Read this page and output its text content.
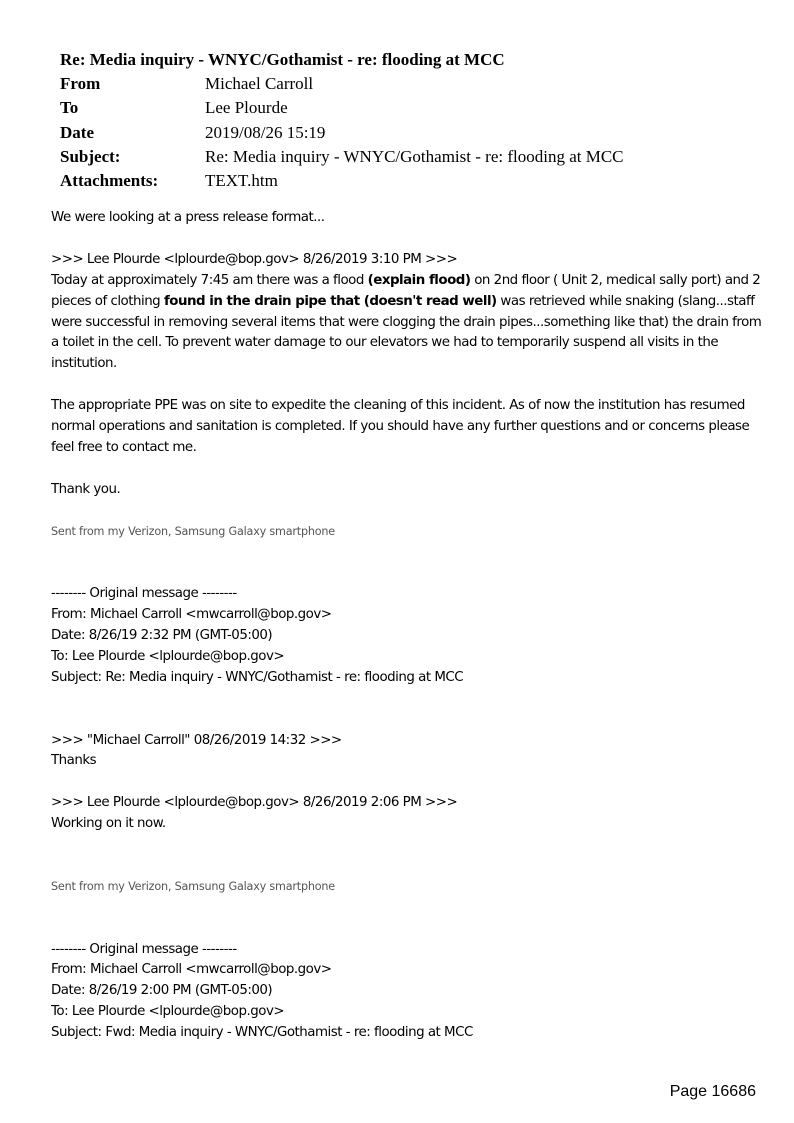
Re: Media inquiry - WNYC/Gothamist - re: flooding at MCC
From	Michael Carroll
To	Lee Plourde
Date	2019/08/26 15:19
Subject:	Re: Media inquiry - WNYC/Gothamist - re: flooding at MCC
Attachments:	TEXT.htm

We were looking at a press release format...

>>> Lee Plourde <lplourde@bop.gov> 8/26/2019 3:10 PM >>>

Today at approximately 7:45 am there was a flood (explain flood) on 2nd floor ( Unit 2, medical sally port) and 2 pieces of clothing found in the drain pipe that (doesn't read well) was retrieved while snaking (slang...staff were successful in removing several items that were clogging the drain pipes...something like that) the drain from a toilet in the cell. To prevent water damage to our elevators we had to temporarily suspend all visits in the institution.

The appropriate PPE was on site to expedite the cleaning of this incident. As of now the institution has resumed normal operations and sanitation is completed. If you should have any further questions and or concerns please feel free to contact me.

Thank you.

Sent from my Verizon, Samsung Galaxy smartphone

-------- Original message --------

From: Michael Carroll <mwcarroll@bop.gov>

Date: 8/26/19 2:32 PM (GMT-05:00)

To: Lee Plourde <lplourde@bop.gov>

Subject: Re: Media inquiry - WNYC/Gothamist - re: flooding at MCC

>>> "Michael Carroll" 08/26/2019 14:32 >>>

Thanks

>>> Lee Plourde <lplourde@bop.gov> 8/26/2019 2:06 PM >>>

Working on it now.

Sent from my Verizon, Samsung Galaxy smartphone

-------- Original message --------

From: Michael Carroll <mwcarroll@bop.gov>

Date: 8/26/19 2:00 PM (GMT-05:00)

To: Lee Plourde <lplourde@bop.gov>

Subject: Fwd: Media inquiry - WNYC/Gothamist - re: flooding at MCC

Page 16686
